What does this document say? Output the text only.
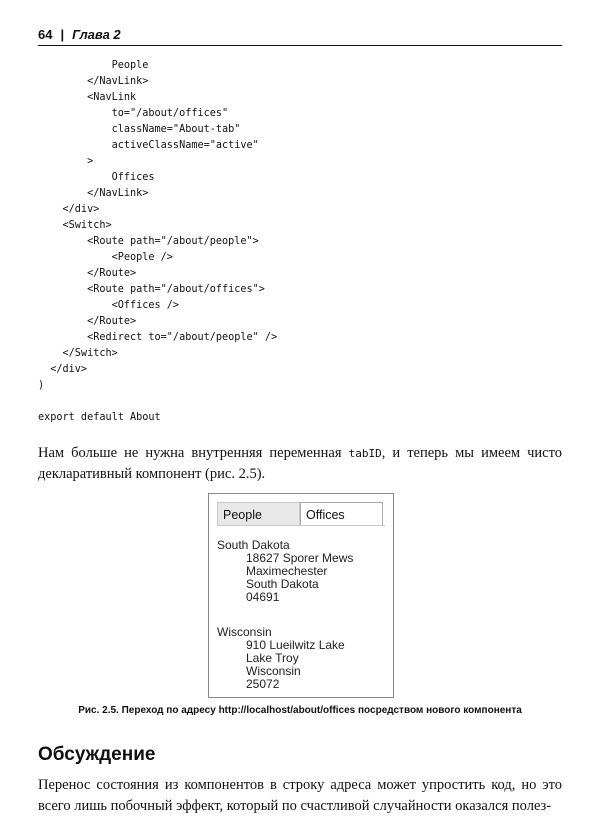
64 | Глава 2
People
</NavLink>
<NavLink
to="/about/offices"
className="About-tab"
activeClassName="active"
>
Offices
</NavLink>
</div>
<Switch>
<Route path="/about/people">
<People />
</Route>
<Route path="/about/offices">
<Offices />
</Route>
<Redirect to="/about/people" />
</Switch>
</div>
)
export default About

Нам больше не нужна внутренняя переменная tabID, и теперь мы имеем чисто декларативный компонент (рис. 2.5).

People	Offices
South Dakota
18627 Sporer Mews
Maximechester
South Dakota
04691
Wisconsin
910 Lueilwitz Lake
Lake Troy
Wisconsin
25072
Рис. 2.5. Переход по адресу http://localhost/about/offices посредством нового компонента
Обсуждение

Перенос состояния из компонентов в строку адреса может упростить код, но это всего лишь побочный эффект, который по счастливой случайности оказался полез-
